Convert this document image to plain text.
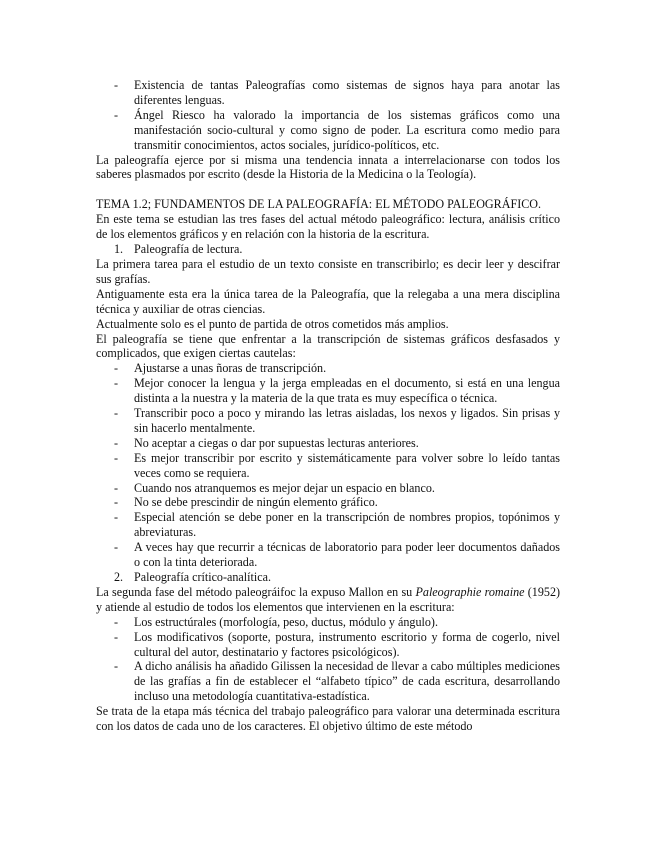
- Existencia de tantas Paleografías como sistemas de signos haya para anotar las diferentes lenguas.
- Ángel Riesco ha valorado la importancia de los sistemas gráficos como una manifestación socio-cultural y como signo de poder. La escritura como medio para transmitir conocimientos, actos sociales, jurídico-políticos, etc.

La paleografía ejerce por si misma una tendencia innata a interrelacionarse con todos los saberes plasmados por escrito (desde la Historia de la Medicina o la Teología).

TEMA 1.2; FUNDAMENTOS DE LA PALEOGRAFÍA: EL MÉTODO PALEOGRÁFICO.

En este tema se estudian las tres fases del actual método paleográfico: lectura, análisis crítico de los elementos gráficos y en relación con la historia de la escritura.

1. Paleografía de lectura.

La primera tarea para el estudio de un texto consiste en transcribirlo; es decir leer y descifrar sus grafías.

Antiguamente esta era la única tarea de la Paleografía, que la relegaba a una mera disciplina técnica y auxiliar de otras ciencias.

Actualmente solo es el punto de partida de otros cometidos más amplios.

El paleografía se tiene que enfrentar a la transcripción de sistemas gráficos desfasados y complicados, que exigen ciertas cautelas:

- Ajustarse a unas ñoras de transcripción.
- Mejor conocer la lengua y la jerga empleadas en el documento, si está en una lengua distinta a la nuestra y la materia de la que trata es muy específica o técnica.
- Transcribir poco a poco y mirando las letras aisladas, los nexos y ligados. Sin prisas y sin hacerlo mentalmente.
- No aceptar a ciegas o dar por supuestas lecturas anteriores.
- Es mejor transcribir por escrito y sistemáticamente para volver sobre lo leído tantas veces como se requiera.
- Cuando nos atranquemos es mejor dejar un espacio en blanco.
- No se debe prescindir de ningún elemento gráfico.
- Especial atención se debe poner en la transcripción de nombres propios, topónimos y abreviaturas.
- A veces hay que recurrir a técnicas de laboratorio para poder leer documentos dañados o con la tinta deteriorada.
2. Paleografía crítico-analítica.

La segunda fase del método paleográifoc la expuso Mallon en su Paleographie romaine (1952) y atiende al estudio de todos los elementos que intervienen en la escritura:

- Los estructúrales (morfología, peso, ductus, módulo y ángulo).
- Los modificativos (soporte, postura, instrumento escritorio y forma de cogerlo, nivel cultural del autor, destinatario y factores psicológicos).
- A dicho análisis ha añadido Gilissen la necesidad de llevar a cabo múltiples mediciones de las grafías a fin de establecer el “alfabeto típico” de cada escritura, desarrollando incluso una metodología cuantitativa-estadística.

Se trata de la etapa más técnica del trabajo paleográfico para valorar una determinada escritura con los datos de cada uno de los caracteres. El objetivo último de este método
